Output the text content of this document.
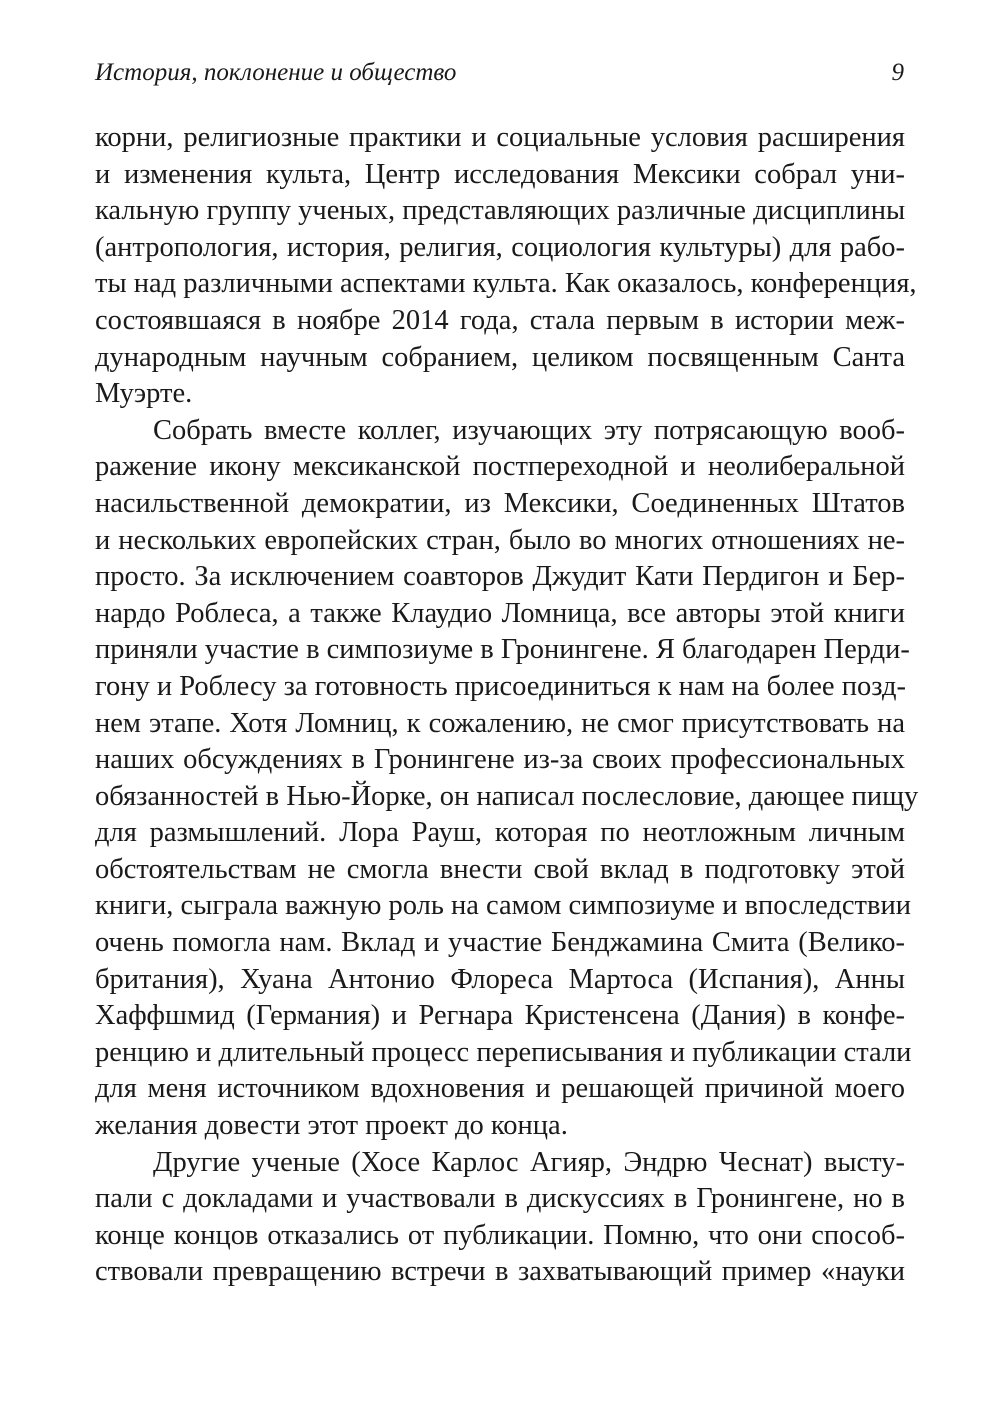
История, поклонение и общество	9
корни, религиозные практики и социальные условия расширения
и изменения культа, Центр исследования Мексики собрал уни-
кальную группу ученых, представляющих различные дисциплины
(антропология, история, религия, социология культуры) для рабо-
ты над различными аспектами культа. Как оказалось, конференция,
состоявшаяся в ноябре 2014 года, стала первым в истории меж-
дународным научным собранием, целиком посвященным Санта
Муэрте.
Собрать вместе коллег, изучающих эту потрясающую вооб-
ражение икону мексиканской постпереходной и неолиберальной
насильственной демократии, из Мексики, Соединенных Штатов
и нескольких европейских стран, было во многих отношениях не-
просто. За исключением соавторов Джудит Кати Пердигон и Бер-
нардо Роблеса, а также Клаудио Ломница, все авторы этой книги
приняли участие в симпозиуме в Гронингене. Я благодарен Перди-
гону и Роблесу за готовность присоединиться к нам на более позд-
нем этапе. Хотя Ломниц, к сожалению, не смог присутствовать на
наших обсуждениях в Гронингене из-за своих профессиональных
обязанностей в Нью-Йорке, он написал послесловие, дающее пищу
для размышлений. Лора Рауш, которая по неотложным личным
обстоятельствам не смогла внести свой вклад в подготовку этой
книги, сыграла важную роль на самом симпозиуме и впоследствии
очень помогла нам. Вклад и участие Бенджамина Смита (Велико-
британия), Хуана Антонио Флореса Мартоса (Испания), Анны
Хаффшмид (Германия) и Регнара Кристенсена (Дания) в конфе-
ренцию и длительный процесс переписывания и публикации стали
для меня источником вдохновения и решающей причиной моего
желания довести этот проект до конца.
Другие ученые (Хосе Карлос Агияр, Эндрю Чеснат) высту-
пали с докладами и участвовали в дискуссиях в Гронингене, но в
конце концов отказались от публикации. Помню, что они способ-
ствовали превращению встречи в захватывающий пример «науки
